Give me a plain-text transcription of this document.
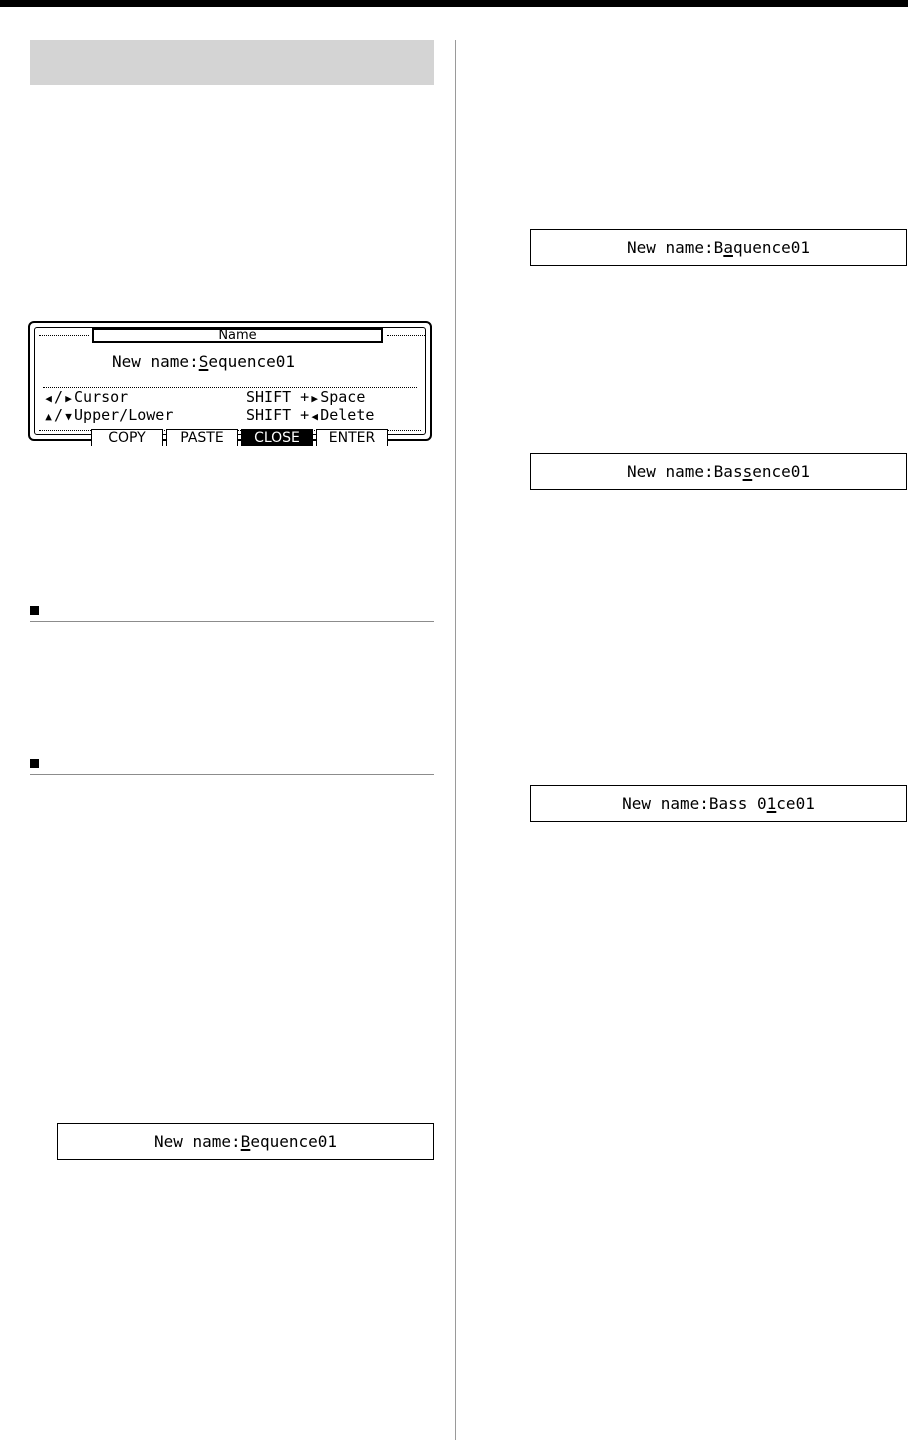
Name
New name:Sequence01
◀ / ▶ Cursor	SHIFT + ▶ Space
▲ / ▼ Upper/Lower	SHIFT + ◀ Delete
COPY	PASTE	CLOSE	ENTER
New name:Bequence01
New name:Baquence01
New name:Bassence01
New name:Bass 01ce01
